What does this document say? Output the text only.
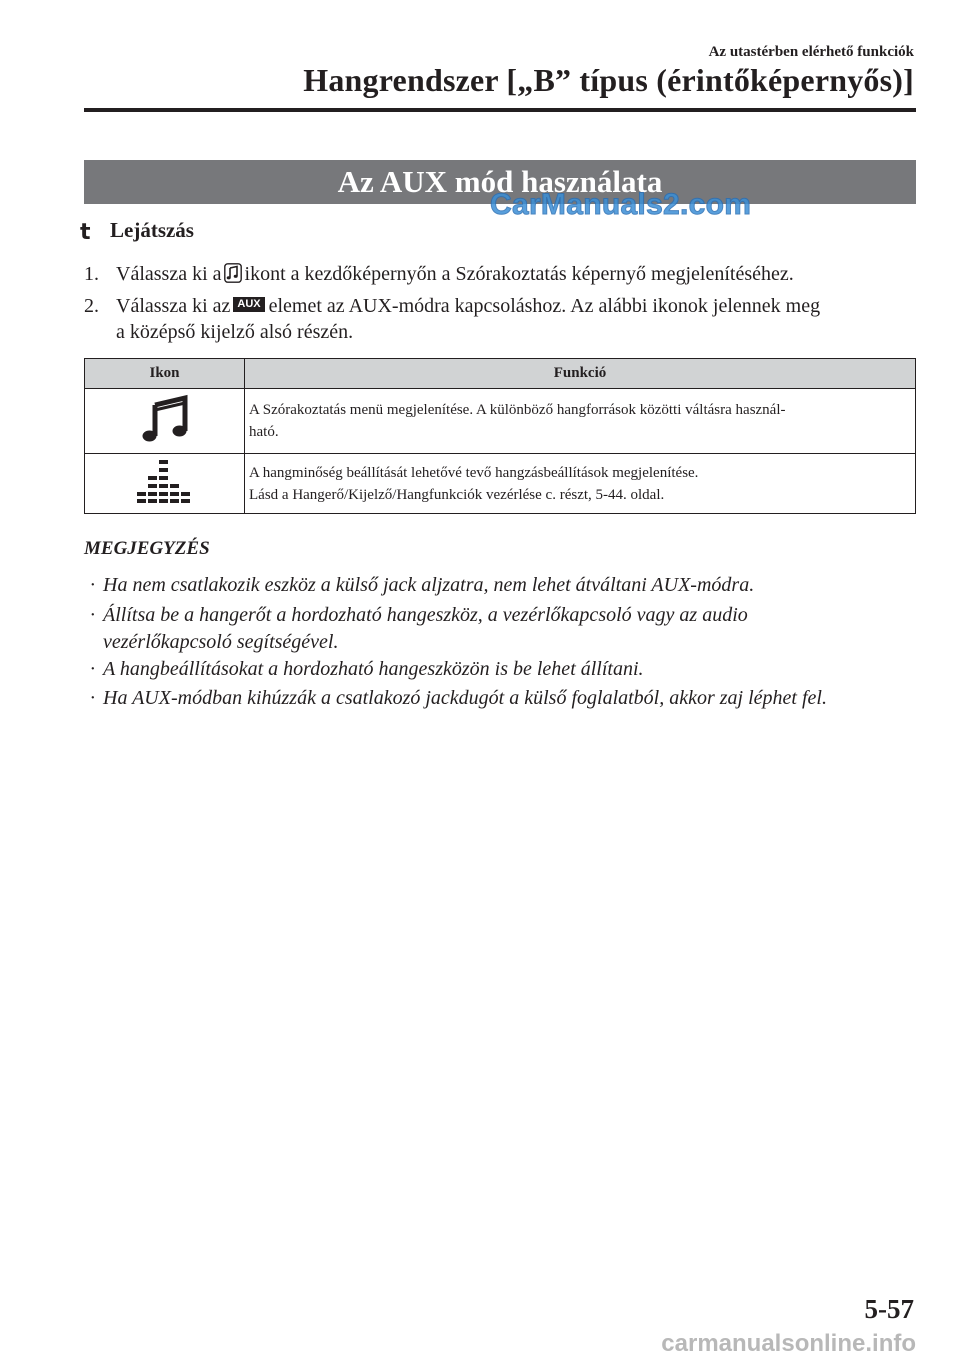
Az utastérben elérhető funkciók
Hangrendszer [„B” típus (érintőképernyős)]
Az AUX mód használata
CarManuals2.com
t Lejátszás
1. Válassza ki a ikont a kezdőképernyőn a Szórakoztatás képernyő megjelenítéséhez.
2. Válassza ki az AUX elemet az AUX-módra kapcsoláshoz. Az alábbi ikonok jelennek meg
a középső kijelző alsó részén.
Ikon	Funkció

A Szórakoztatás menü megjelenítése. A különböző hangforrások közötti váltásra használ-
ható.

A hangminőség beállítását lehetővé tevő hangzásbeállítások megjelenítése.
Lásd a Hangerő/Kijelző/Hangfunkciók vezérlése c. részt, 5-44. oldal.
MEGJEGYZÉS
· Ha nem csatlakozik eszköz a külső jack aljzatra, nem lehet átváltani AUX-módra.
· Állítsa be a hangerőt a hordozható hangeszköz, a vezérlőkapcsoló vagy az audio
vezérlőkapcsoló segítségével.
· A hangbeállításokat a hordozható hangeszközön is be lehet állítani.
· Ha AUX-módban kihúzzák a csatlakozó jackdugót a külső foglalatból, akkor zaj léphet fel.
5-57
carmanualsonline.info
